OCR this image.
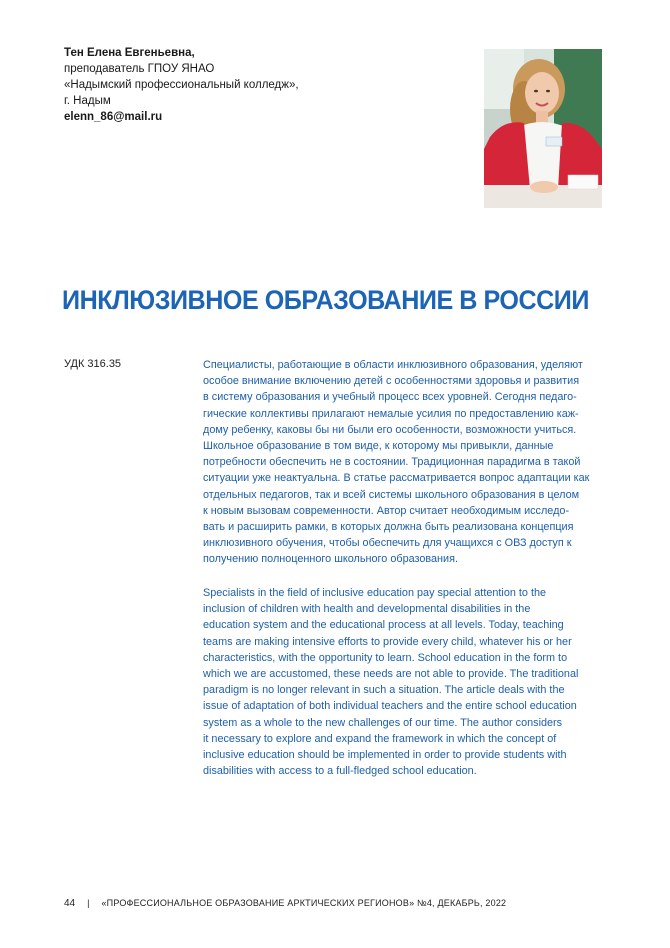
Тен Елена Евгеньевна,
преподаватель ГПОУ ЯНАО
«Надымский профессиональный колледж»,
г. Надым
elenn_86@mail.ru
ИНКЛЮЗИВНОЕ ОБРАЗОВАНИЕ В РОССИИ
УДК 316.35	Специалисты, работающие в области инклюзивного образования, уделяют
особое внимание включению детей с особенностями здоровья и развития
в систему образования и учебный процесс всех уровней. Сегодня педаго-
гические коллективы прилагают немалые усилия по предоставлению каж-
дому ребенку, каковы бы ни были его особенности, возможности учиться.
Школьное образование в том виде, к которому мы привыкли, данные
потребности обеспечить не в состоянии. Традиционная парадигма в такой
ситуации уже неактуальна. В статье рассматривается вопрос адаптации как
отдельных педагогов, так и всей системы школьного образования в целом
к новым вызовам современности. Автор считает необходимым исследо-
вать и расширить рамки, в которых должна быть реализована концепция
инклюзивного обучения, чтобы обеспечить для учащихся с ОВЗ доступ к
получению полноценного школьного образования.
Specialists in the field of inclusive education pay special attention to the
inclusion of children with health and developmental disabilities in the
education system and the educational process at all levels. Today, teaching
teams are making intensive efforts to provide every child, whatever his or her
characteristics, with the opportunity to learn. School education in the form to
which we are accustomed, these needs are not able to provide. The traditional
paradigm is no longer relevant in such a situation. The article deals with the
issue of adaptation of both individual teachers and the entire school education
system as a whole to the new challenges of our time. The author considers
it necessary to explore and expand the framework in which the concept of
inclusive education should be implemented in order to provide students with
disabilities with access to a full-fledged school education.
44 | «ПРОФЕССИОНАЛЬНОЕ ОБРАЗОВАНИЕ АРКТИЧЕСКИХ РЕГИОНОВ» №4, ДЕКАБРЬ, 2022
